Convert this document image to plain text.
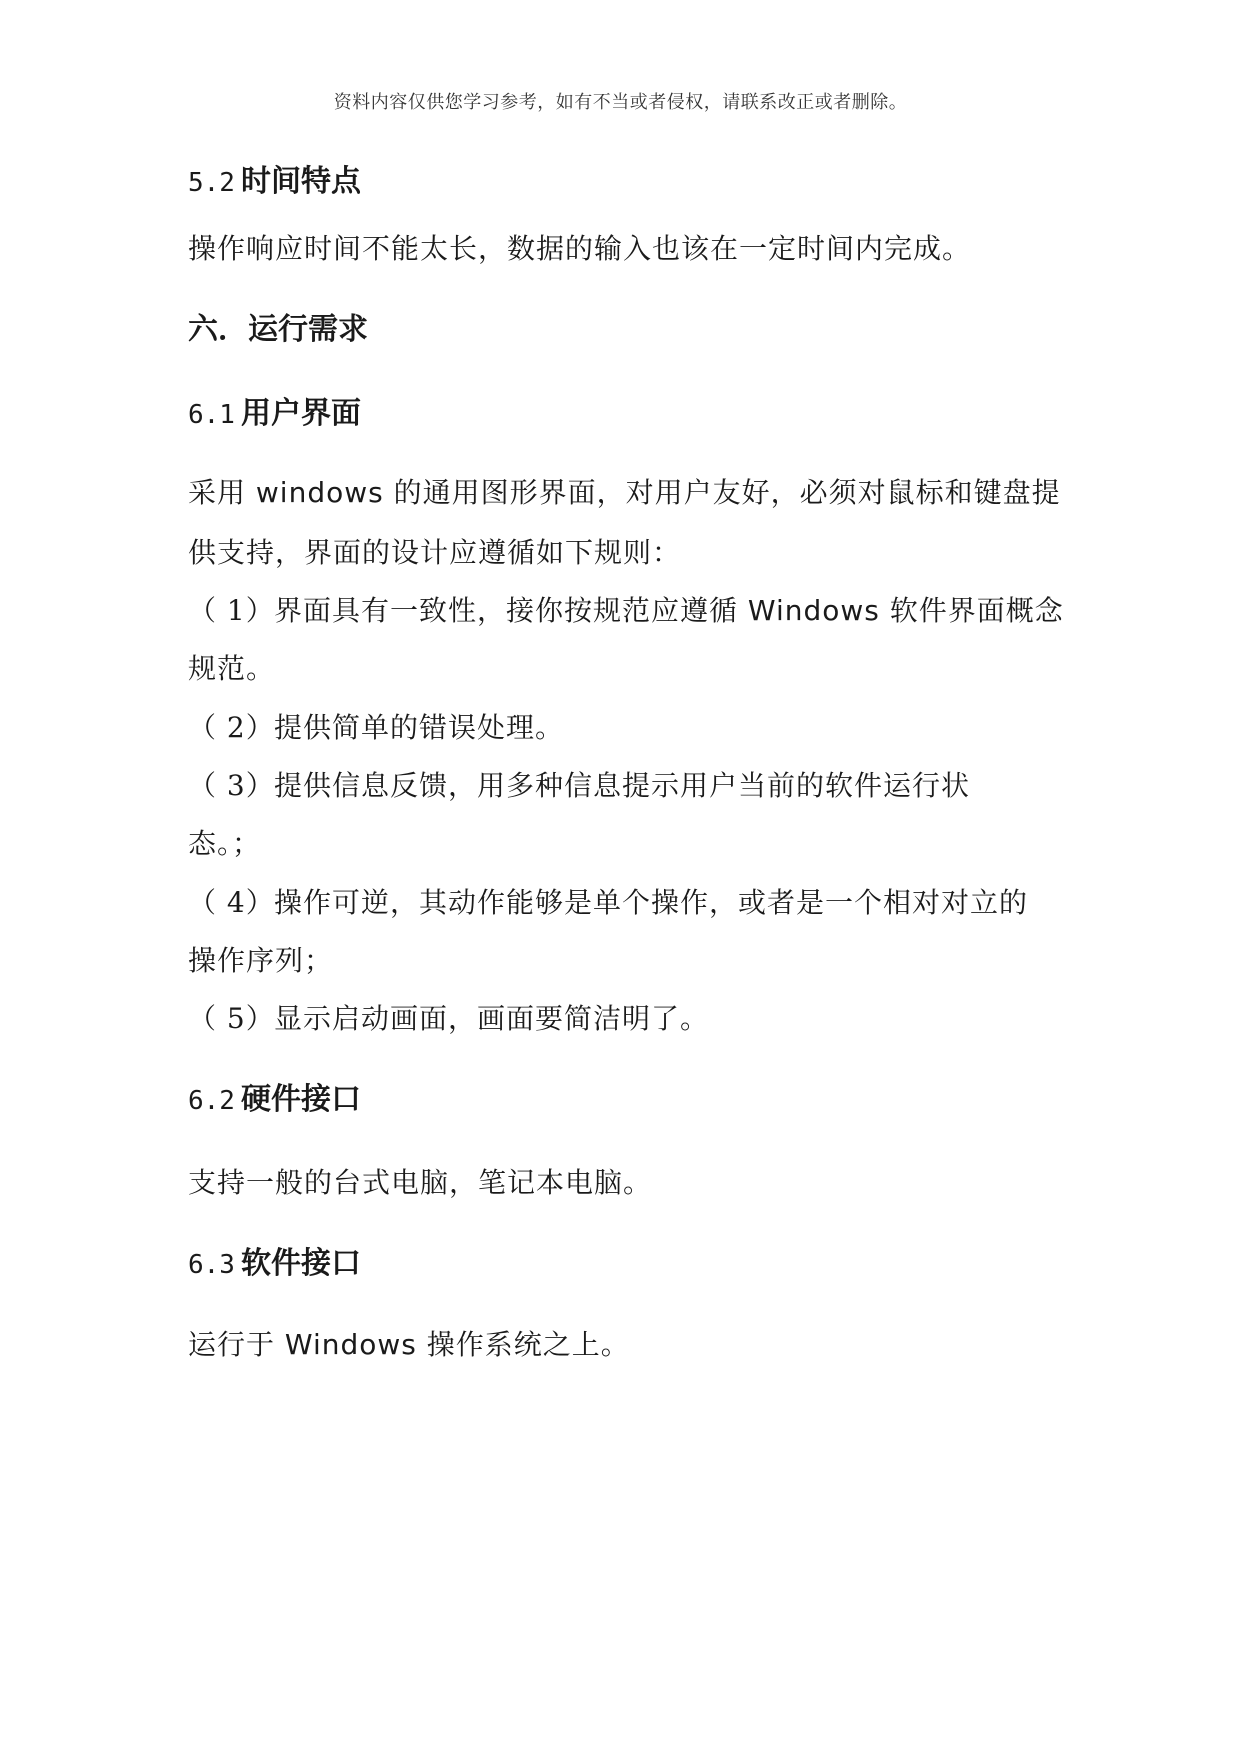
资料内容仅供您学习参考，如有不当或者侵权，请联系改正或者删除。
5.2 时间特点

操作响应时间不能太长，数据的输入也该在一定时间内完成。

六．运行需求
6.1 用户界面

采用 windows 的通用图形界面，对用户友好，必须对鼠标和键盘提

供支持，界面的设计应遵循如下规则：

（ 1）界面具有一致性，接你按规范应遵循 Windows 软件界面概念

规范。

（ 2）提供简单的错误处理。
（ 3）提供信息反馈，用多种信息提示用户当前的软件运行状

态。；

（ 4）操作可逆，其动作能够是单个操作，或者是一个相对对立的

操作序列；

（ 5）显示启动画面，画面要简洁明了。
6.2 硬件接口

支持一般的台式电脑，笔记本电脑。

6.3 软件接口

运行于 Windows 操作系统之上。
